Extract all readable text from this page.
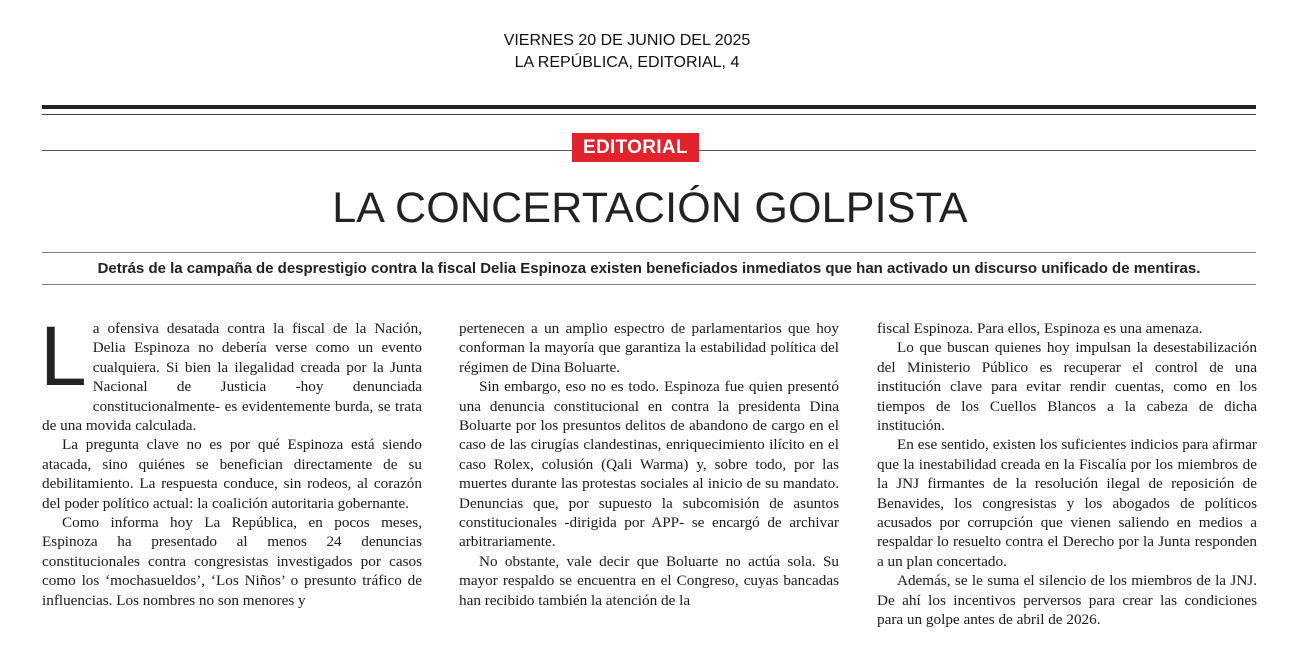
VIERNES 20 DE JUNIO DEL 2025
LA REPÚBLICA, EDITORIAL, 4
EDITORIAL
LA CONCERTACIÓN GOLPISTA
Detrás de la campaña de desprestigio contra la fiscal Delia Espinoza existen beneficiados inmediatos que han activado un discurso unificado de mentiras.

La ofensiva desatada contra la fiscal de la Nación, Delia Espinoza no debería verse como un evento cualquiera. Si bien la ilegalidad creada por la Junta Nacional de Justicia -hoy denunciada constitucionalmente- es evidentemente burda, se trata de una movida calculada.

La pregunta clave no es por qué Espinoza está siendo atacada, sino quiénes se benefician directamente de su debilitamiento. La respuesta conduce, sin rodeos, al corazón del poder político actual: la coalición autoritaria gobernante.

Como informa hoy La República, en pocos meses, Espinoza ha presentado al menos 24 denuncias constitucionales contra congresistas investigados por casos como los ‘mochasueldos’, ‘Los Niños’ o presunto tráfico de influencias. Los nombres no son menores y

pertenecen a un amplio espectro de parlamentarios que hoy conforman la mayoría que garantiza la estabilidad política del régimen de Dina Boluarte.

Sin embargo, eso no es todo. Espinoza fue quien presentó una denuncia constitucional en contra la presidenta Dina Boluarte por los presuntos delitos de abandono de cargo en el caso de las cirugías clandestinas, enriquecimiento ilícito en el caso Rolex, colusión (Qali Warma) y, sobre todo, por las muertes durante las protestas sociales al inicio de su mandato. Denuncias que, por supuesto la subcomisión de asuntos constitucionales -dirigida por APP- se encargó de archivar arbitrariamente.

No obstante, vale decir que Boluarte no actúa sola. Su mayor respaldo se encuentra en el Congreso, cuyas bancadas han recibido también la atención de la

fiscal Espinoza. Para ellos, Espinoza es una amenaza.

Lo que buscan quienes hoy impulsan la desestabilización del Ministerio Público es recuperar el control de una institución clave para evitar rendir cuentas, como en los tiempos de los Cuellos Blancos a la cabeza de dicha institución.

En ese sentido, existen los suficientes indicios para afirmar que la inestabilidad creada en la Fiscalía por los miembros de la JNJ firmantes de la resolución ilegal de reposición de Benavides, los congresistas y los abogados de políticos acusados por corrupción que vienen saliendo en medios a respaldar lo resuelto contra el Derecho por la Junta responden a un plan concertado.

Además, se le suma el silencio de los miembros de la JNJ. De ahí los incentivos perversos para crear las condiciones para un golpe antes de abril de 2026.
